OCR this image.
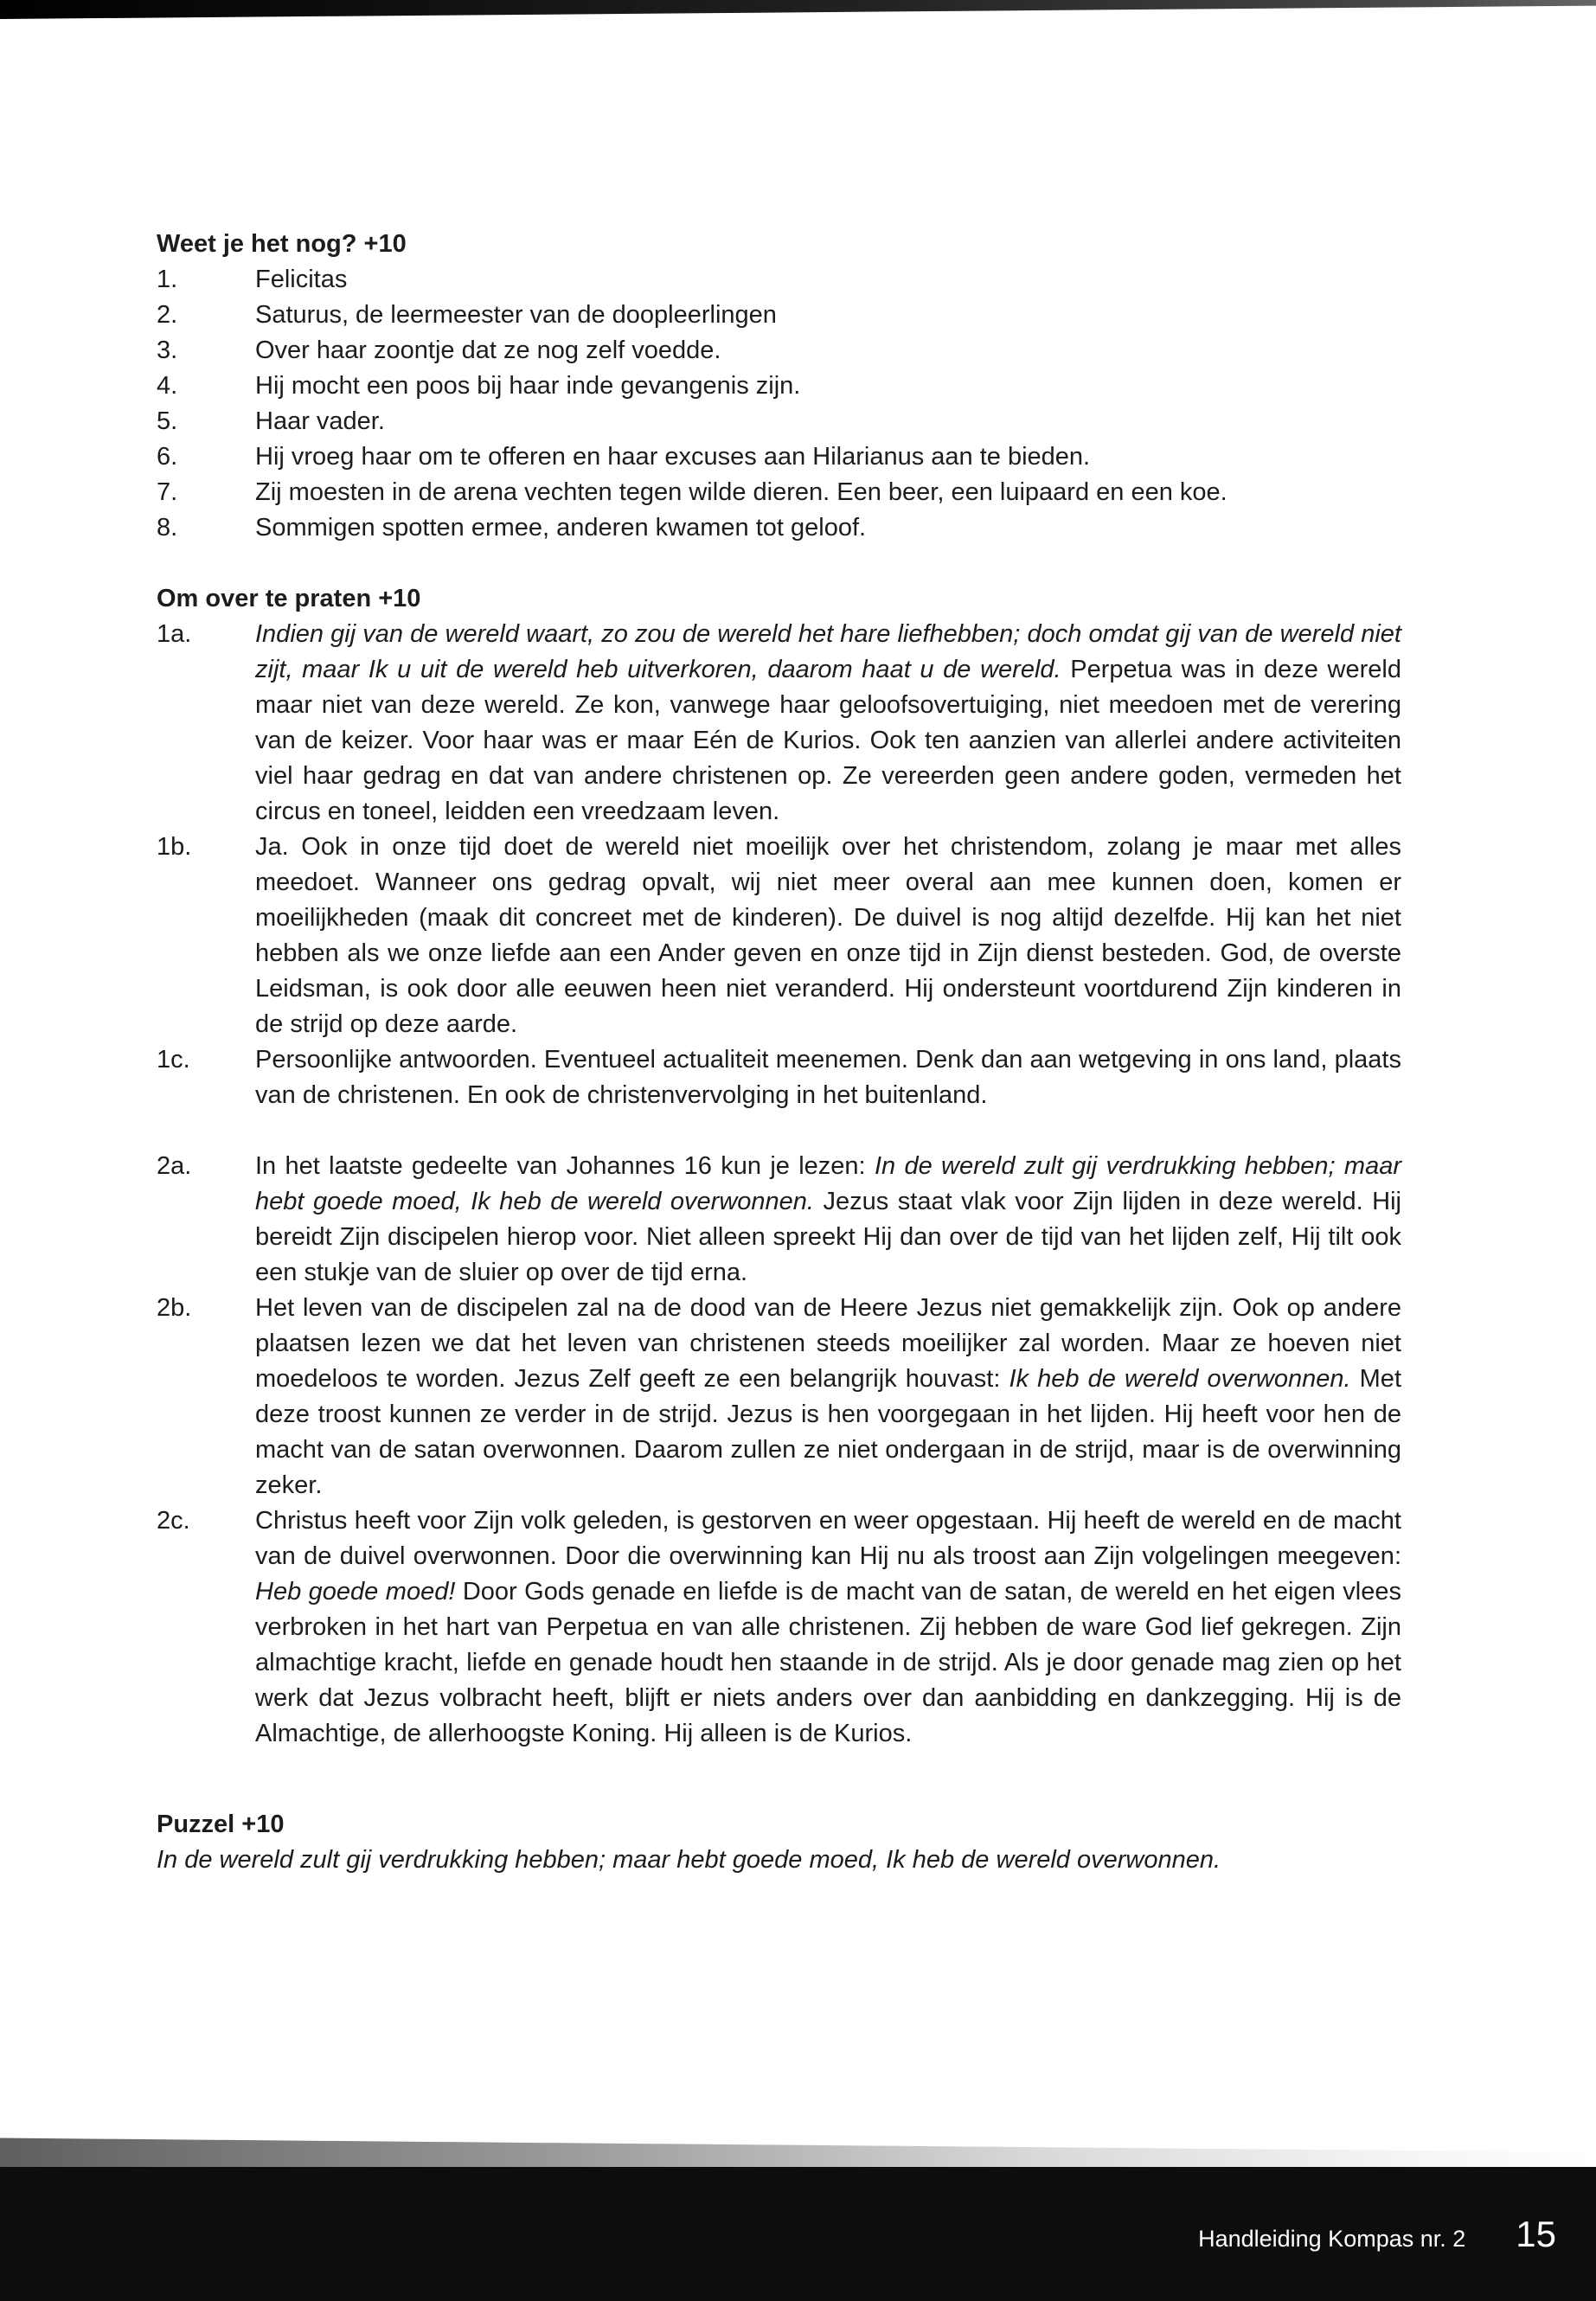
Weet je het nog? +10
1.	Felicitas
2.	Saturus, de leermeester van de doopleerlingen
3.	Over haar zoontje dat ze nog zelf voedde.
4.	Hij mocht een poos bij haar inde gevangenis zijn.
5.	Haar vader.
6.	Hij vroeg haar om te offeren en haar excuses aan Hilarianus aan te bieden.
7.	Zij moesten in de arena vechten tegen wilde dieren. Een beer, een luipaard en een koe.
8.	Sommigen spotten ermee, anderen kwamen tot geloof.
Om over te praten +10
1a.	Indien gij van de wereld waart, zo zou de wereld het hare liefhebben; doch omdat gij van de wereld niet zijt, maar Ik u uit de wereld heb uitverkoren, daarom haat u de wereld. Perpetua was in deze wereld maar niet van deze wereld. Ze kon, vanwege haar geloofsovertuiging, niet meedoen met de verering van de keizer. Voor haar was er maar Eén de Kurios. Ook ten aanzien van allerlei andere activiteiten viel haar gedrag en dat van andere christenen op. Ze vereerden geen andere goden, vermeden het circus en toneel, leidden een vreedzaam leven.
1b.	Ja. Ook in onze tijd doet de wereld niet moeilijk over het christendom, zolang je maar met alles meedoet. Wanneer ons gedrag opvalt, wij niet meer overal aan mee kunnen doen, komen er moeilijkheden (maak dit concreet met de kinderen). De duivel is nog altijd dezelfde. Hij kan het niet hebben als we onze liefde aan een Ander geven en onze tijd in Zijn dienst besteden. God, de overste Leidsman, is ook door alle eeuwen heen niet veranderd. Hij ondersteunt voortdurend Zijn kinderen in de strijd op deze aarde.
1c.	Persoonlijke antwoorden. Eventueel actualiteit meenemen. Denk dan aan wetgeving in ons land, plaats van de christenen. En ook de christenvervolging in het buitenland.
2a.	In het laatste gedeelte van Johannes 16 kun je lezen: In de wereld zult gij verdrukking hebben; maar hebt goede moed, Ik heb de wereld overwonnen. Jezus staat vlak voor Zijn lijden in deze wereld. Hij bereidt Zijn discipelen hierop voor. Niet alleen spreekt Hij dan over de tijd van het lijden zelf, Hij tilt ook een stukje van de sluier op over de tijd erna.
2b.	Het leven van de discipelen zal na de dood van de Heere Jezus niet gemakkelijk zijn. Ook op andere plaatsen lezen we dat het leven van christenen steeds moeilijker zal worden. Maar ze hoeven niet moedeloos te worden. Jezus Zelf geeft ze een belangrijk houvast: Ik heb de wereld overwonnen. Met deze troost kunnen ze verder in de strijd. Jezus is hen voorgegaan in het lijden. Hij heeft voor hen de macht van de satan overwonnen. Daarom zullen ze niet ondergaan in de strijd, maar is de overwinning zeker.
2c.	Christus heeft voor Zijn volk geleden, is gestorven en weer opgestaan. Hij heeft de wereld en de macht van de duivel overwonnen. Door die overwinning kan Hij nu als troost aan Zijn volgelingen meegeven: Heb goede moed! Door Gods genade en liefde is de macht van de satan, de wereld en het eigen vlees verbroken in het hart van Perpetua en van alle christenen. Zij hebben de ware God lief gekregen. Zijn almachtige kracht, liefde en genade houdt hen staande in de strijd. Als je door genade mag zien op het werk dat Jezus volbracht heeft, blijft er niets anders over dan aanbidding en dankzegging. Hij is de Almachtige, de allerhoogste Koning. Hij alleen is de Kurios.
Puzzel +10
In de wereld zult gij verdrukking hebben; maar hebt goede moed, Ik heb de wereld overwonnen.
Handleiding Kompas nr. 2 15
